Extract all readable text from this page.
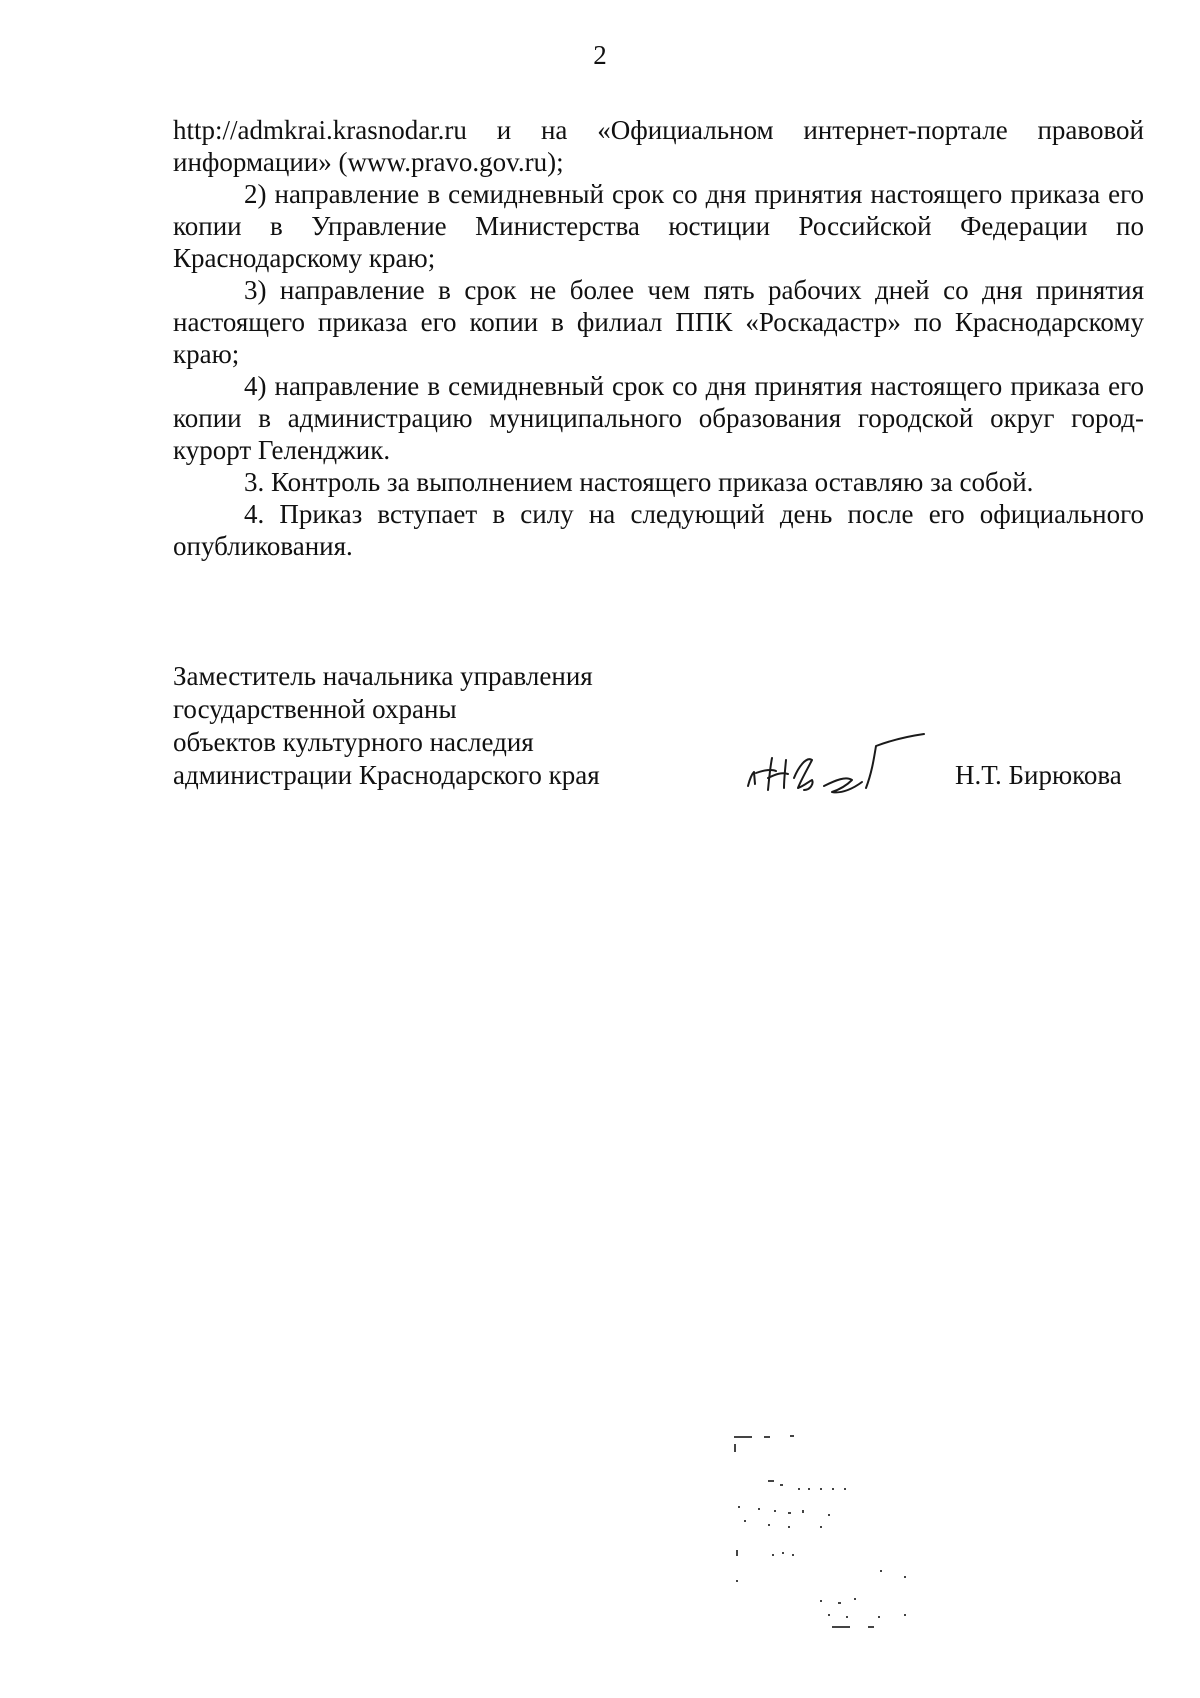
2

http://admkrai.krasnodar.ru и на «Официальном интернет-портале правовой информации» (www.pravo.gov.ru);

2) направление в семидневный срок со дня принятия настоящего приказа его копии в Управление Министерства юстиции Российской Федерации по Краснодарскому краю;

3) направление в срок не более чем пять рабочих дней со дня принятия настоящего приказа его копии в филиал ППК «Роскадастр» по Краснодарскому краю;

4) направление в семидневный срок со дня принятия настоящего приказа его копии в администрацию муниципального образования городской округ город-курорт Геленджик.

3. Контроль за выполнением настоящего приказа оставляю за собой.

4. Приказ вступает в силу на следующий день после его официального опубликования.

Заместитель начальника управления
государственной охраны
объектов культурного наследия
администрации Краснодарского края	Н.Т. Бирюкова
